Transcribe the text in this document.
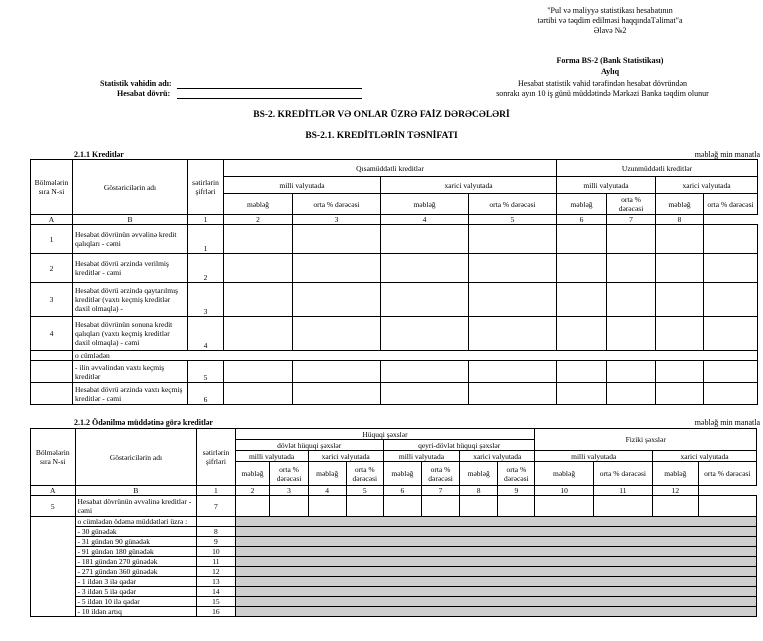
"Pul və maliyyə statistikası hesabatının
tərtibi və təqdim edilməsi haqqındaTəlimat"a
Əlavə №2
Forma BS-2 (Bank Statistikası)
Aylıq
Statistik vahidin adı:
Hesabat dövrü:
Hesabat statistik vahid tərəfindən hesabat dövründən
sonrakı ayın 10 iş günü müddətində Mərkəzi Banka təqdim olunur
BS-2. KREDİTLƏR VƏ ONLAR ÜZRƏ FAİZ DƏRƏCƏLƏRİ
BS-2.1. KREDİTLƏRİN TƏSNİFATI
2.1.1 Kreditlər	məbləğ min manatla
Bölmələrin sıra N-si	Göstəricilərin adı	sətirlərin şifrləri	Qısamüddətli kreditlər				Uzunmüddətli kreditlər			
			milli valyutada		xarici valyutada		milli valyutada		xarici valyutada	
			məbləğ	orta % dərəcəsi	məbləğ	orta % dərəcəsi	məbləğ	orta % dərəcəsi	məbləğ	orta % dərəcəsi
A	B	1	2	3	4	5	6	7	8
1	Hesabat dövrünün əvvəlinə kredit qalıqları - cəmi	1								
2	Hesabat dövrü ərzində verilmiş kreditlər - cəmi	2								
3	Hesabat dövrü ərzində qaytarılmış kreditlər (vaxtı keçmiş kreditlər daxil olmaqla) -	3								
4	Hesabat dövrünün sonuna kredit qalıqları (vaxtı keçmiş kreditlər daxil olmaqla) - cəmi	4								
	o cümlədən									
	- ilin əvvəlindən vaxtı keçmiş kreditlər	5								
	Hesabat dövrü ərzində vaxtı keçmiş kreditlər - cəmi	6								
2.1.2 Ödənilmə müddətinə görə kreditlər	məbləğ min manatla
Bölmələrin sıra N-si	Göstəricilərin adı	sətirlərin şifrləri	Hüquqi şəxslər								Fiziki şəxslər			
			dövlət hüquqi şəxslər				qeyri-dövlət hüquqi şəxslər							
			milli valyutada		xarici valyutada		milli valyutada		xarici valyutada		milli valyutada		xarici valyutada	
			məbləğ	orta % dərəcəsi	məbləğ	orta % dərəcəsi	məbləğ	orta % dərəcəsi	məbləğ	orta % dərəcəsi	məbləğ	orta % dərəcəsi	məbləğ	orta % dərəcəsi
A	B	1	2	3	4	5	6	7	8	9	10	11	12
5	Hesabat dövrünün əvvəlinə kreditlər - cəmi	7												
	o cümlədən ödəmə müddətləri üzrə :													
	- 30 günədək	8												
	- 31 gündən 90 günədək	9												
	- 91 gündən 180 günədək	10												
	- 181 gündən 270 günədək	11												
	- 271 gündən 360 günədək	12												
	- 1 ildən 3 ilə qədər	13												
	- 3 ildən 5 ilə qədər	14												
	- 5 ildən 10 ilə qədər	15												
	- 10 ildən artıq	16												
